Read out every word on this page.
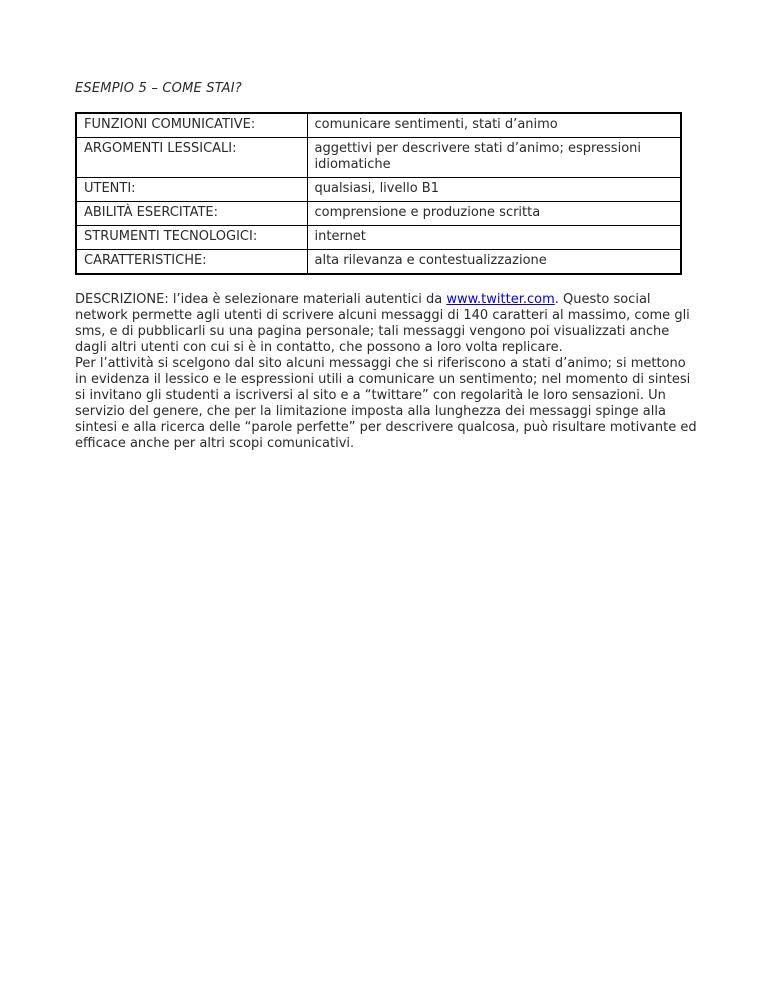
ESEMPIO 5 – COME STAI?
FUNZIONI COMUNICATIVE:	comunicare sentimenti, stati d’animo
ARGOMENTI LESSICALI:	aggettivi per descrivere stati d’animo; espressioni idiomatiche
UTENTI:	qualsiasi, livello B1
ABILITÀ ESERCITATE:	comprensione e produzione scritta
STRUMENTI TECNOLOGICI:	internet
CARATTERISTICHE:	alta rilevanza e contestualizzazione
DESCRIZIONE: l’idea è selezionare materiali autentici da www.twitter.com. Questo social network permette agli utenti di scrivere alcuni messaggi di 140 caratteri al massimo, come gli sms, e di pubblicarli su una pagina personale; tali messaggi vengono poi visualizzati anche dagli altri utenti con cui si è in contatto, che possono a loro volta replicare.
Per l’attività si scelgono dal sito alcuni messaggi che si riferiscono a stati d’animo; si mettono in evidenza il lessico e le espressioni utili a comunicare un sentimento; nel momento di sintesi si invitano gli studenti a iscriversi al sito e a “twittare” con regolarità le loro sensazioni. Un servizio del genere, che per la limitazione imposta alla lunghezza dei messaggi spinge alla sintesi e alla ricerca delle “parole perfette” per descrivere qualcosa, può risultare motivante ed efficace anche per altri scopi comunicativi.
